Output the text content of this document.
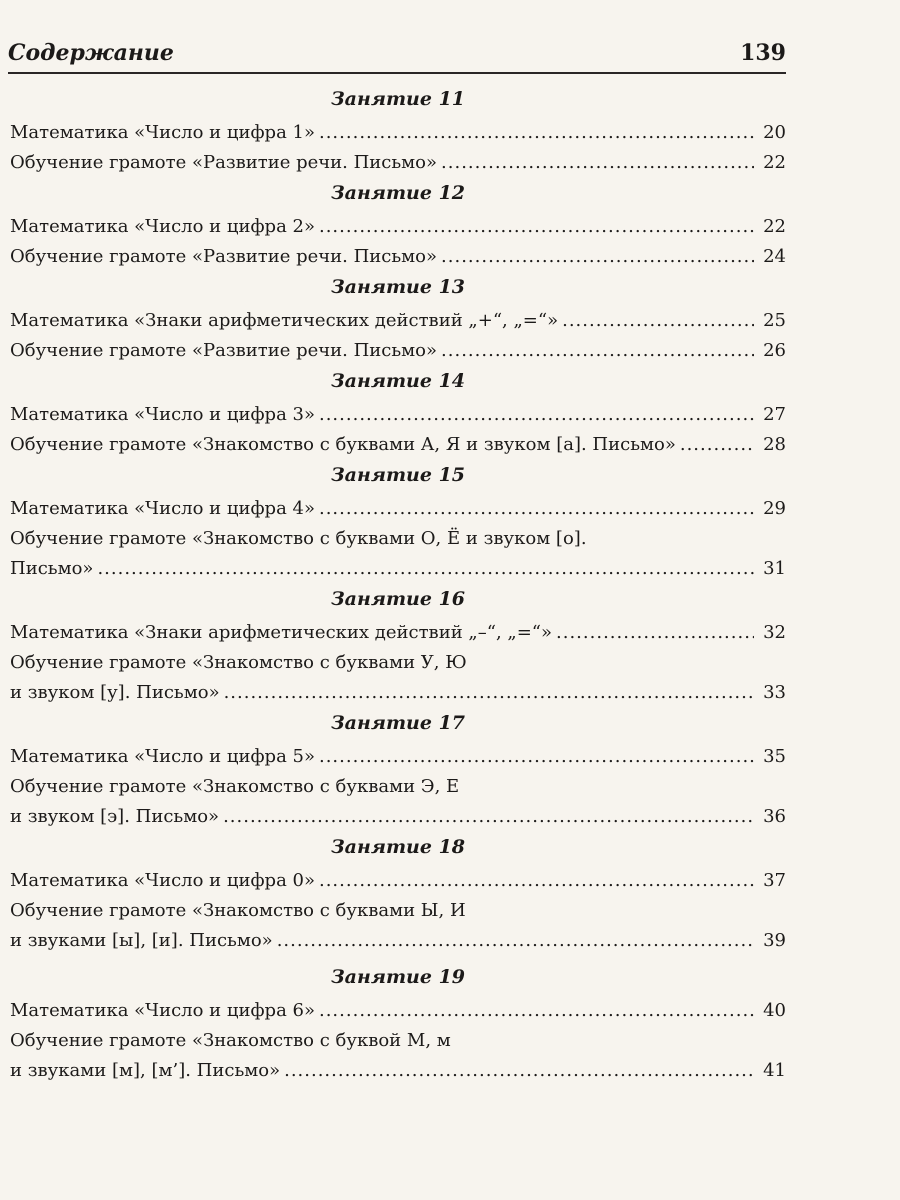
Содержание	139
Занятие 11
Математика «Число и цифра 1» .....	20
Обучение грамоте «Развитие речи. Письмо» .....	22
Занятие 12
Математика «Число и цифра 2» .....	22
Обучение грамоте «Развитие речи. Письмо» .....	24
Занятие 13
Математика «Знаки арифметических действий „+“, „=“» .....	25
Обучение грамоте «Развитие речи. Письмо» .....	26
Занятие 14
Математика «Число и цифра 3» .....	27
Обучение грамоте «Знакомство с буквами А, Я и звуком [а]. Письмо» .....	28
Занятие 15
Математика «Число и цифра 4» .....	29
Обучение грамоте «Знакомство с буквами О, Ё и звуком [о].
Письмо» .....	31
Занятие 16
Математика «Знаки арифметических действий „–“, „=“» .....	32
Обучение грамоте «Знакомство с буквами У, Ю
и звуком [у]. Письмо» .....	33
Занятие 17
Математика «Число и цифра 5» .....	35
Обучение грамоте «Знакомство с буквами Э, Е
и звуком [э]. Письмо» .....	36
Занятие 18
Математика «Число и цифра 0» .....	37
Обучение грамоте «Знакомство с буквами Ы, И
и звуками [ы], [и]. Письмо» .....	39
Занятие 19
Математика «Число и цифра 6» .....	40
Обучение грамоте «Знакомство с буквой М, м
и звуками [м], [м’]. Письмо» .....	41
